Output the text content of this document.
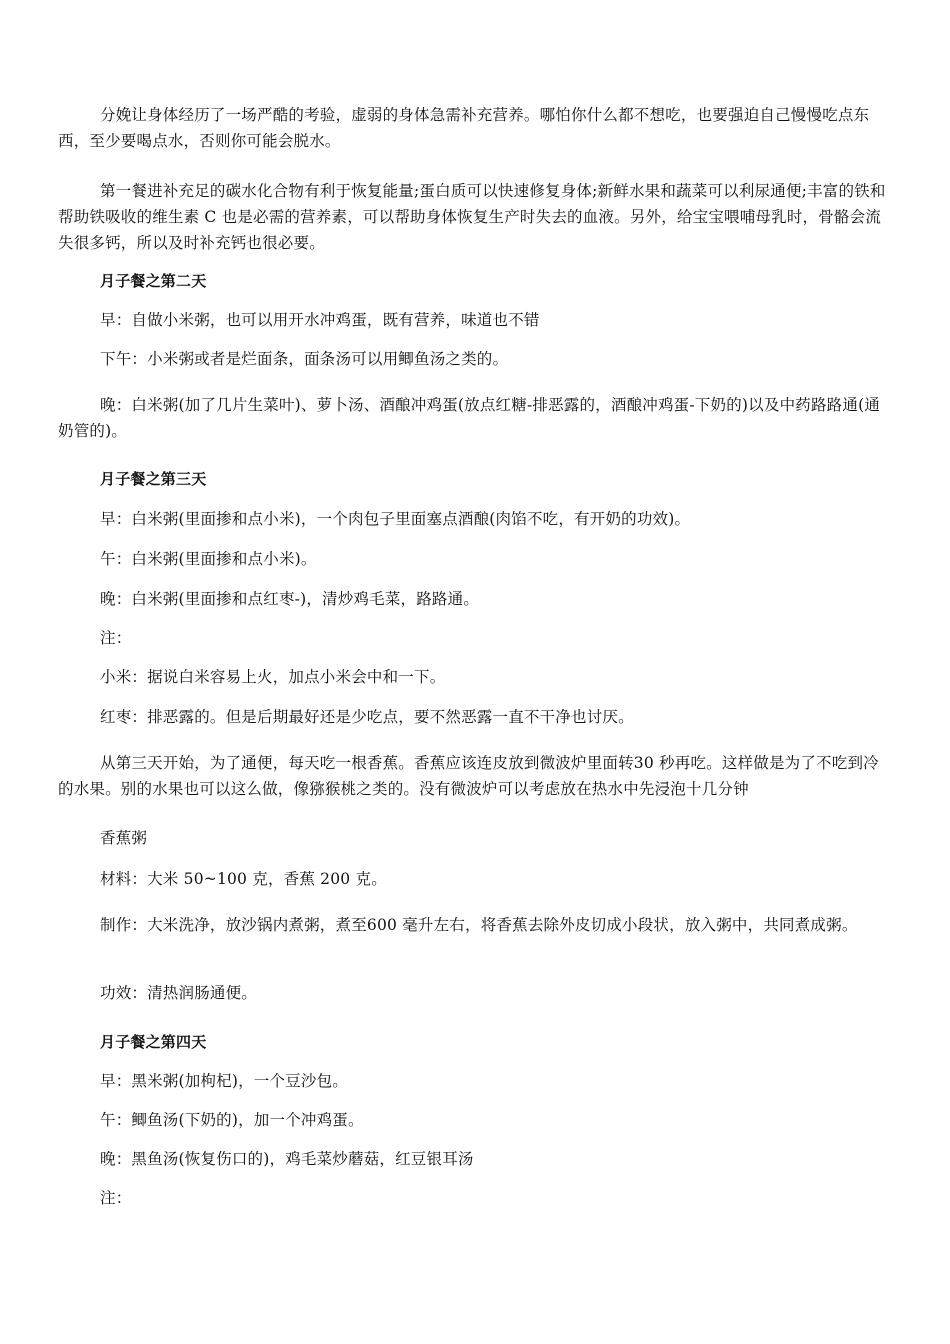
分娩让身体经历了一场严酷的考验，虚弱的身体急需补充营养。哪怕你什么都不想吃，也要强迫自己慢慢吃点东西，至少要喝点水，否则你可能会脱水。

第一餐进补充足的碳水化合物有利于恢复能量;蛋白质可以快速修复身体;新鲜水果和蔬菜可以利尿通便;丰富的铁和帮助铁吸收的维生素 C 也是必需的营养素，可以帮助身体恢复生产时失去的血液。另外，给宝宝喂哺母乳时，骨骼会流失很多钙，所以及时补充钙也很必要。

月子餐之第二天

早：自做小米粥，也可以用开水冲鸡蛋，既有营养，味道也不错

下午：小米粥或者是烂面条，面条汤可以用鲫鱼汤之类的。

晚：白米粥(加了几片生菜叶)、萝卜汤、酒酿冲鸡蛋(放点红糖-排恶露的，酒酿冲鸡蛋-下奶的)以及中药路路通(通奶管的)。

月子餐之第三天

早：白米粥(里面掺和点小米)，一个肉包子里面塞点酒酿(肉馅不吃，有开奶的功效)。

午：白米粥(里面掺和点小米)。

晚：白米粥(里面掺和点红枣-)，清炒鸡毛菜，路路通。

注：

小米：据说白米容易上火，加点小米会中和一下。

红枣：排恶露的。但是后期最好还是少吃点，要不然恶露一直不干净也讨厌。

从第三天开始，为了通便，每天吃一根香蕉。香蕉应该连皮放到微波炉里面转30 秒再吃。这样做是为了不吃到冷的水果。别的水果也可以这么做，像猕猴桃之类的。没有微波炉可以考虑放在热水中先浸泡十几分钟

香蕉粥

材料：大米 50~100 克，香蕉 200 克。

制作：大米洗净，放沙锅内煮粥，煮至600 毫升左右，将香蕉去除外皮切成小段状，放入粥中，共同煮成粥。

功效：清热润肠通便。

月子餐之第四天

早：黑米粥(加枸杞)，一个豆沙包。

午：鲫鱼汤(下奶的)，加一个冲鸡蛋。

晚：黑鱼汤(恢复伤口的)，鸡毛菜炒蘑菇，红豆银耳汤

注：
